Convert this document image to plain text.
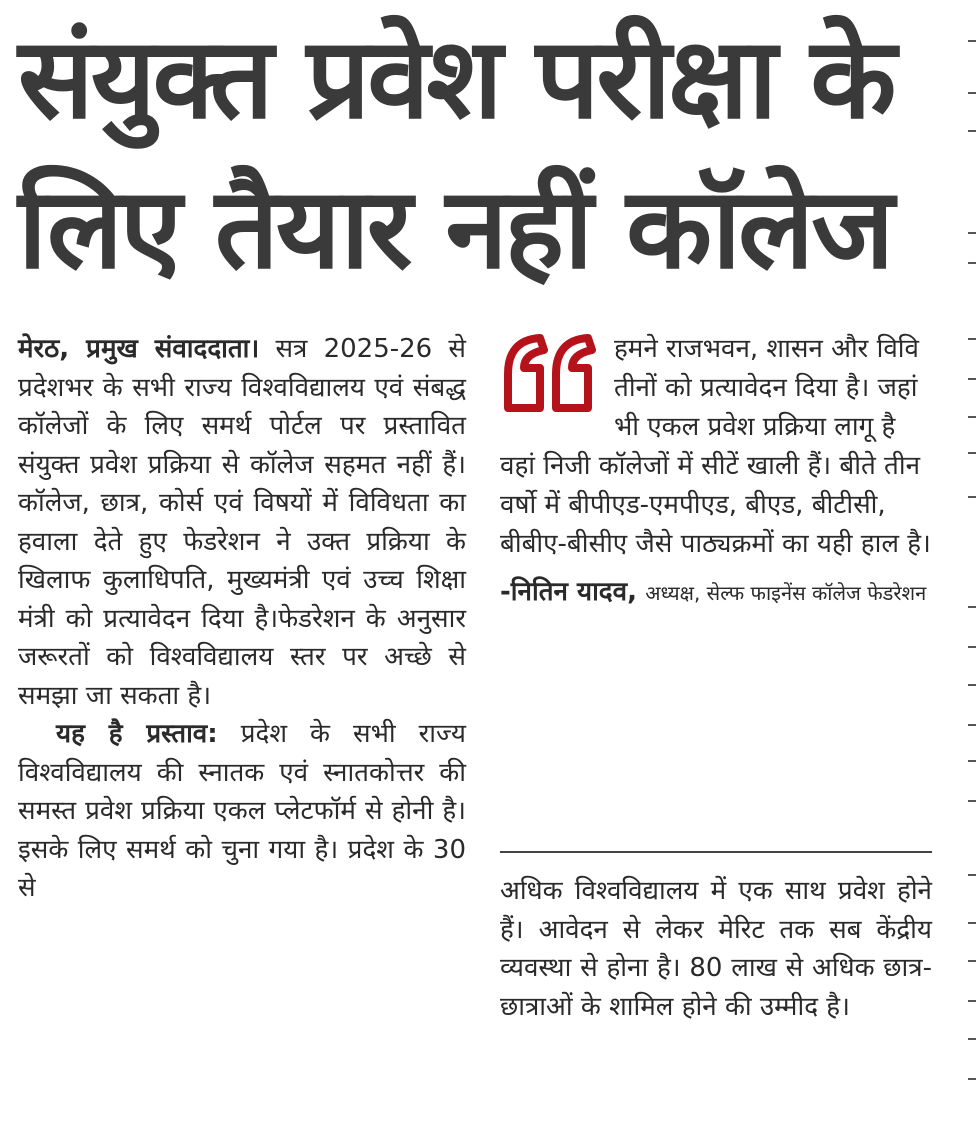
संयुक्त प्रवेश परीक्षा के
लिए तैयार नहीं कॉलेज

मेरठ, प्रमुख संवाददाता। सत्र 2025-26 से प्रदेशभर के सभी राज्य विश्वविद्यालय एवं संबद्ध कॉलेजों के लिए समर्थ पोर्टल पर प्रस्तावित संयुक्त प्रवेश प्रक्रिया से कॉलेज सहमत नहीं हैं। कॉलेज, छात्र, कोर्स एवं विषयों में विविधता का हवाला देते हुए फेडरेशन ने उक्त प्रक्रिया के खिलाफ कुलाधिपति, मुख्यमंत्री एवं उच्च शिक्षा मंत्री को प्रत्यावेदन दिया है।फेडरेशन के अनुसार जरूरतों को विश्वविद्यालय स्तर पर अच्छे से समझा जा सकता है।

यह है प्रस्ताव: प्रदेश के सभी राज्य विश्वविद्यालय की स्नातक एवं स्नातकोत्तर की समस्त प्रवेश प्रक्रिया एकल प्लेटफॉर्म से होनी है। इसके लिए समर्थ को चुना गया है। प्रदेश के 30 से

हमने राजभवन, शासन और विवि तीनों को प्रत्यावेदन दिया है। जहां भी एकल प्रवेश प्रक्रिया लागू है वहां निजी कॉलेजों में सीटें खाली हैं। बीते तीन वर्षो में बीपीएड-एमपीएड, बीएड, बीटीसी, बीबीए-बीसीए जैसे पाठ्यक्रमों का यही हाल है।

-नितिन यादव, अध्यक्ष, सेल्फ फाइनेंस कॉलेज फेडरेशन

अधिक विश्वविद्यालय में एक साथ प्रवेश होने हैं। आवेदन से लेकर मेरिट तक सब केंद्रीय व्यवस्था से होना है। 80 लाख से अधिक छात्र-छात्राओं के शामिल होने की उम्मीद है।
